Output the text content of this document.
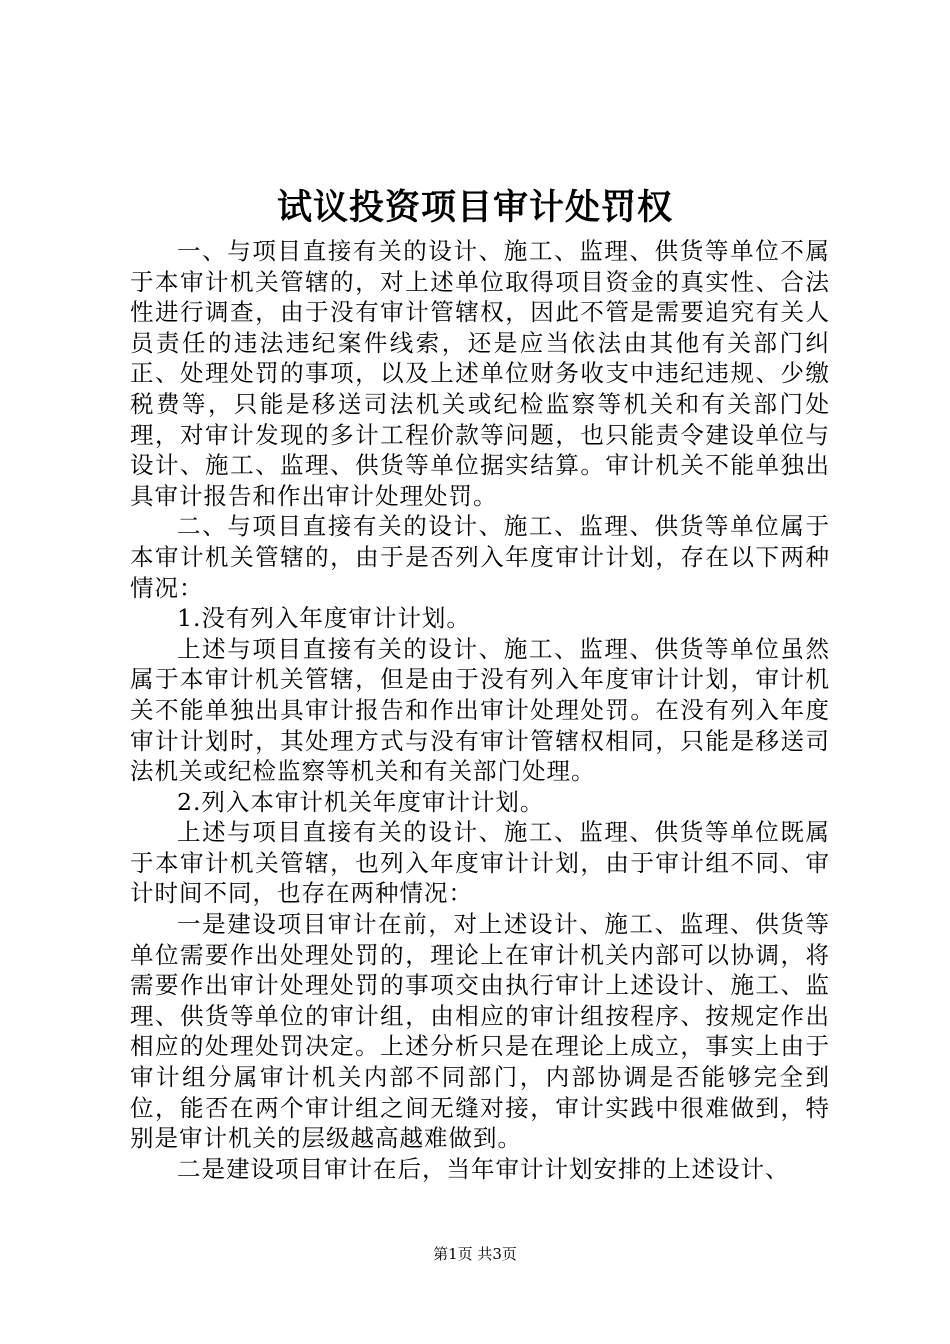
试议投资项目审计处罚权

一、与项目直接有关的设计、施工、监理、供货等单位不属于本审计机关管辖的，对上述单位取得项目资金的真实性、合法性进行调查，由于没有审计管辖权，因此不管是需要追究有关人员责任的违法违纪案件线索，还是应当依法由其他有关部门纠正、处理处罚的事项，以及上述单位财务收支中违纪违规、少缴税费等，只能是移送司法机关或纪检监察等机关和有关部门处理，对审计发现的多计工程价款等问题，也只能责令建设单位与设计、施工、监理、供货等单位据实结算。审计机关不能单独出具审计报告和作出审计处理处罚。

二、与项目直接有关的设计、施工、监理、供货等单位属于本审计机关管辖的，由于是否列入年度审计计划，存在以下两种情况：

1.没有列入年度审计计划。

上述与项目直接有关的设计、施工、监理、供货等单位虽然属于本审计机关管辖，但是由于没有列入年度审计计划，审计机关不能单独出具审计报告和作出审计处理处罚。在没有列入年度审计计划时，其处理方式与没有审计管辖权相同，只能是移送司法机关或纪检监察等机关和有关部门处理。

2.列入本审计机关年度审计计划。

上述与项目直接有关的设计、施工、监理、供货等单位既属于本审计机关管辖，也列入年度审计计划，由于审计组不同、审计时间不同，也存在两种情况：

一是建设项目审计在前，对上述设计、施工、监理、供货等单位需要作出处理处罚的，理论上在审计机关内部可以协调，将需要作出审计处理处罚的事项交由执行审计上述设计、施工、监理、供货等单位的审计组，由相应的审计组按程序、按规定作出相应的处理处罚决定。上述分析只是在理论上成立，事实上由于审计组分属审计机关内部不同部门，内部协调是否能够完全到位，能否在两个审计组之间无缝对接，审计实践中很难做到，特别是审计机关的层级越高越难做到。

二是建设项目审计在后，当年审计计划安排的上述设计、

第1页 共3页
